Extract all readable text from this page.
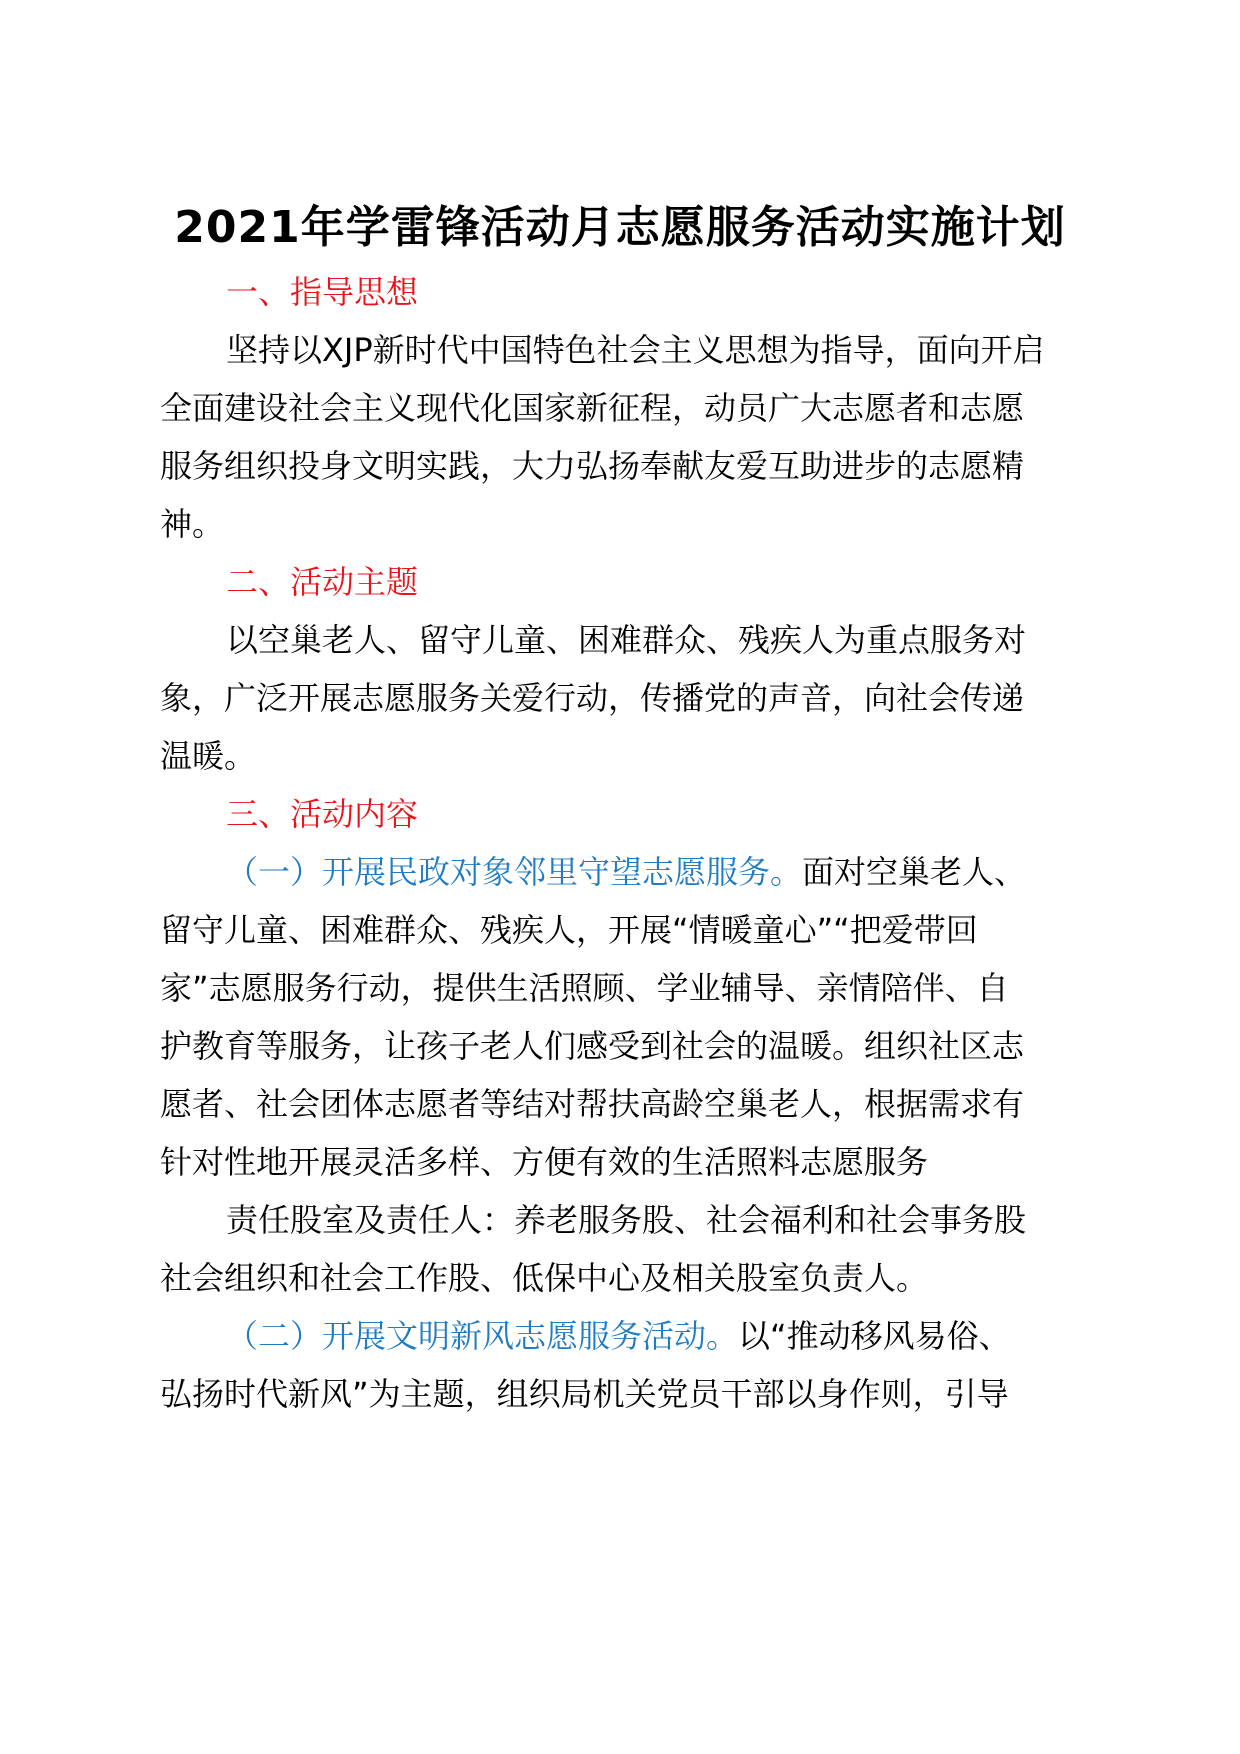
2021年学雷锋活动月志愿服务活动实施计划
一、指导思想
坚持以XJP新时代中国特色社会主义思想为指导，面向开启
全面建设社会主义现代化国家新征程，动员广大志愿者和志愿
服务组织投身文明实践，大力弘扬奉献友爱互助进步的志愿精
神。
二、活动主题
以空巢老人、留守儿童、困难群众、残疾人为重点服务对
象，广泛开展志愿服务关爱行动，传播党的声音，向社会传递
温暖。
三、活动内容
（一）开展民政对象邻里守望志愿服务。面对空巢老人、
留守儿童、困难群众、残疾人，开展“情暖童心”“把爱带回
家”志愿服务行动，提供生活照顾、学业辅导、亲情陪伴、自
护教育等服务，让孩子老人们感受到社会的温暖。组织社区志
愿者、社会团体志愿者等结对帮扶高龄空巢老人，根据需求有
针对性地开展灵活多样、方便有效的生活照料志愿服务
责任股室及责任人：养老服务股、社会福利和社会事务股
社会组织和社会工作股、低保中心及相关股室负责人。
（二）开展文明新风志愿服务活动。以“推动移风易俗、
弘扬时代新风”为主题，组织局机关党员干部以身作则，引导
